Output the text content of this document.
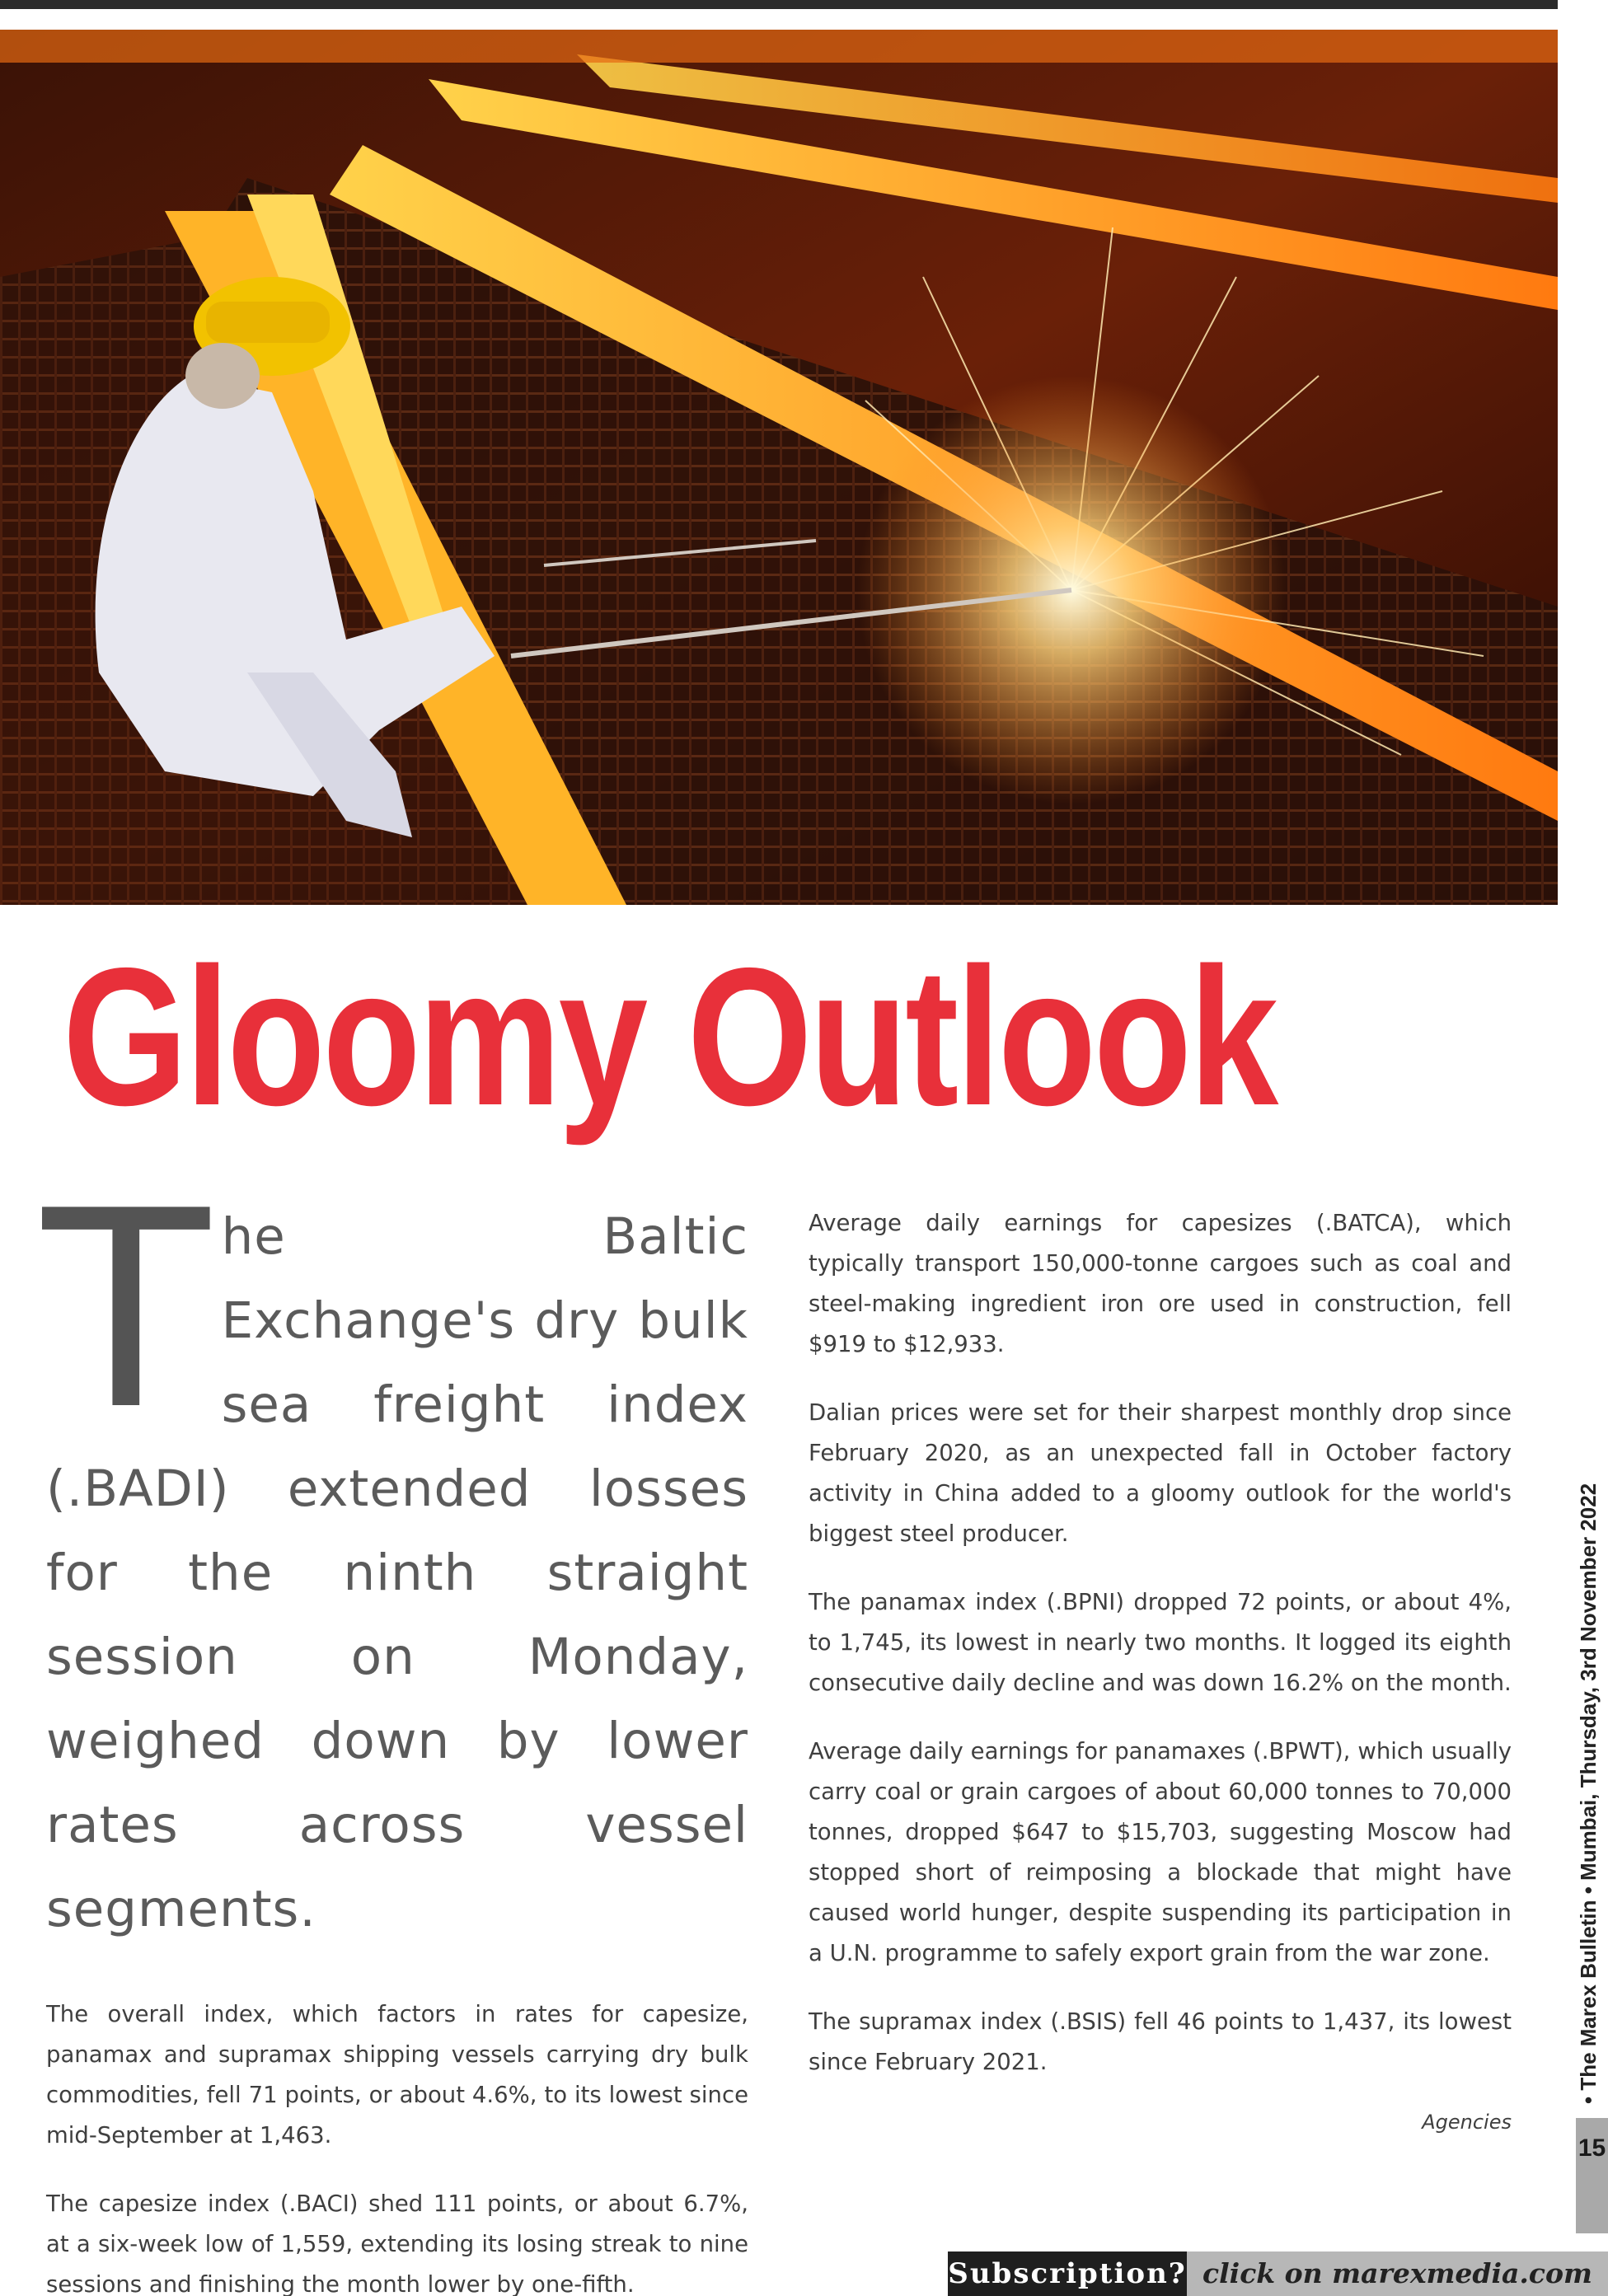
Gloomy Outlook
The Baltic Exchange's dry bulk sea freight index (.BADI) extended losses for the ninth straight session on Monday, weighed down by lower rates across vessel segments.

The overall index, which factors in rates for capesize, panamax and supramax shipping vessels carrying dry bulk commodities, fell 71 points, or about 4.6%, to its lowest since mid-September at 1,463.

The capesize index (.BACI) shed 111 points, or about 6.7%, at a six-week low of 1,559, extending its losing streak to nine sessions and finishing the month lower by one-fifth.

Average daily earnings for capesizes (.BATCA), which typically transport 150,000-tonne cargoes such as coal and steel-making ingredient iron ore used in construction, fell $919 to $12,933.

Dalian prices were set for their sharpest monthly drop since February 2020, as an unexpected fall in October factory activity in China added to a gloomy outlook for the world's biggest steel producer.

The panamax index (.BPNI) dropped 72 points, or about 4%, to 1,745, its lowest in nearly two months. It logged its eighth consecutive daily decline and was down 16.2% on the month.

Average daily earnings for panamaxes (.BPWT), which usually carry coal or grain cargoes of about 60,000 tonnes to 70,000 tonnes, dropped $647 to $15,703, suggesting Moscow had stopped short of reimposing a blockade that might have caused world hunger, despite suspending its participation in a U.N. programme to safely export grain from the war zone.

The supramax index (.BSIS) fell 46 points to 1,437, its lowest since February 2021.

Agencies
• The Marex Bulletin • Mumbai, Thursday, 3rd November 2022
15
Subscription? click on marexmedia.com
